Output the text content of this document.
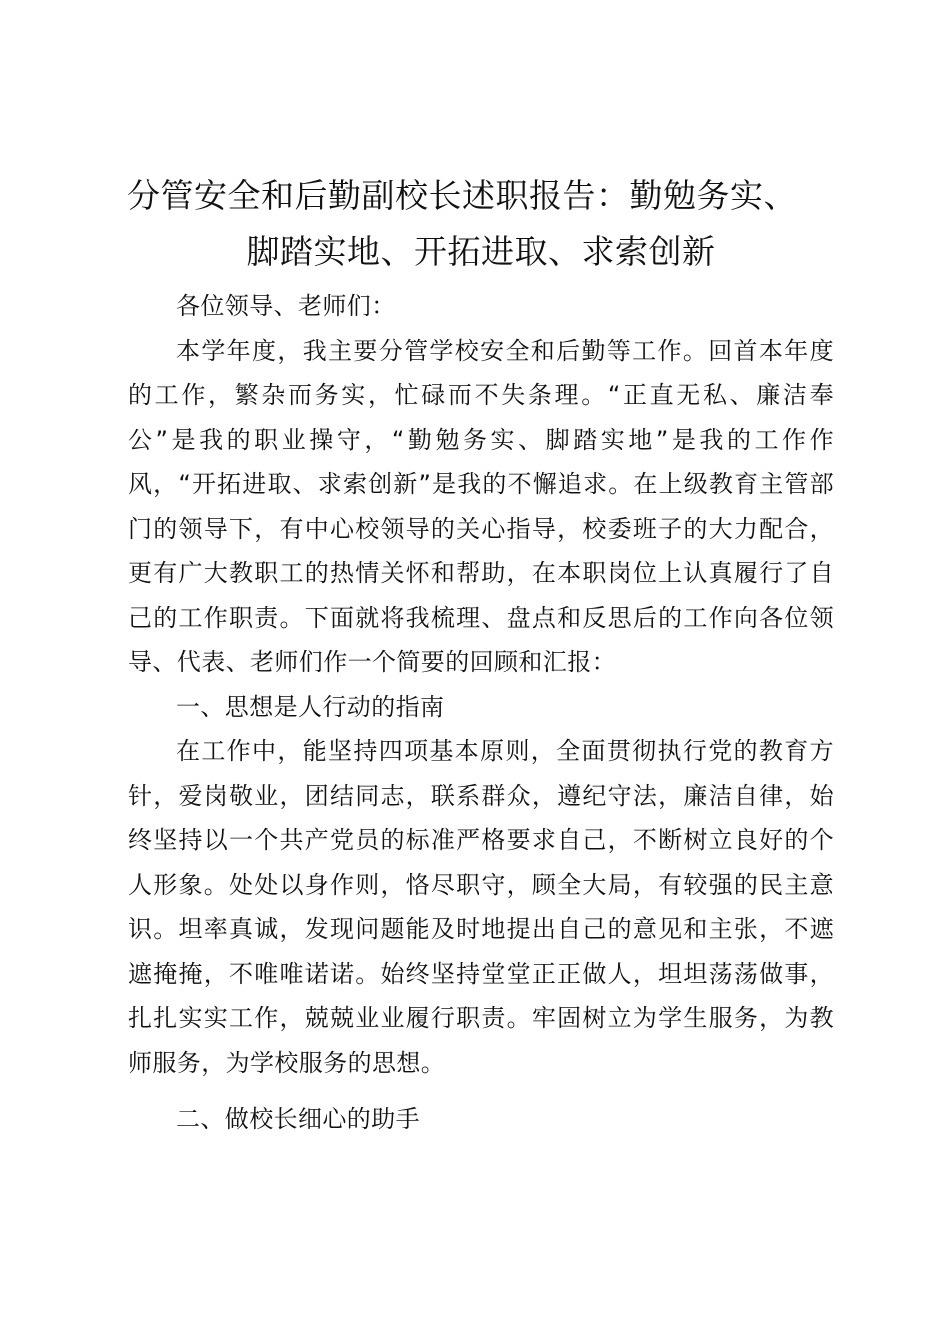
分管安全和后勤副校长述职报告：勤勉务实、
脚踏实地、开拓进取、求索创新

各位领导、老师们：

本学年度，我主要分管学校安全和后勤等工作。回首本年度的工作，繁杂而务实，忙碌而不失条理。“正直无私、廉洁奉公”是我的职业操守，“勤勉务实、脚踏实地”是我的工作作风，“开拓进取、求索创新”是我的不懈追求。在上级教育主管部门的领导下，有中心校领导的关心指导，校委班子的大力配合，更有广大教职工的热情关怀和帮助，在本职岗位上认真履行了自己的工作职责。下面就将我梳理、盘点和反思后的工作向各位领导、代表、老师们作一个简要的回顾和汇报：

一、思想是人行动的指南

在工作中，能坚持四项基本原则，全面贯彻执行党的教育方针，爱岗敬业，团结同志，联系群众，遵纪守法，廉洁自律，始终坚持以一个共产党员的标准严格要求自己，不断树立良好的个人形象。处处以身作则，恪尽职守，顾全大局，有较强的民主意识。坦率真诚，发现问题能及时地提出自己的意见和主张，不遮遮掩掩，不唯唯诺诺。始终坚持堂堂正正做人，坦坦荡荡做事，扎扎实实工作，兢兢业业履行职责。牢固树立为学生服务，为教师服务，为学校服务的思想。

二、做校长细心的助手
